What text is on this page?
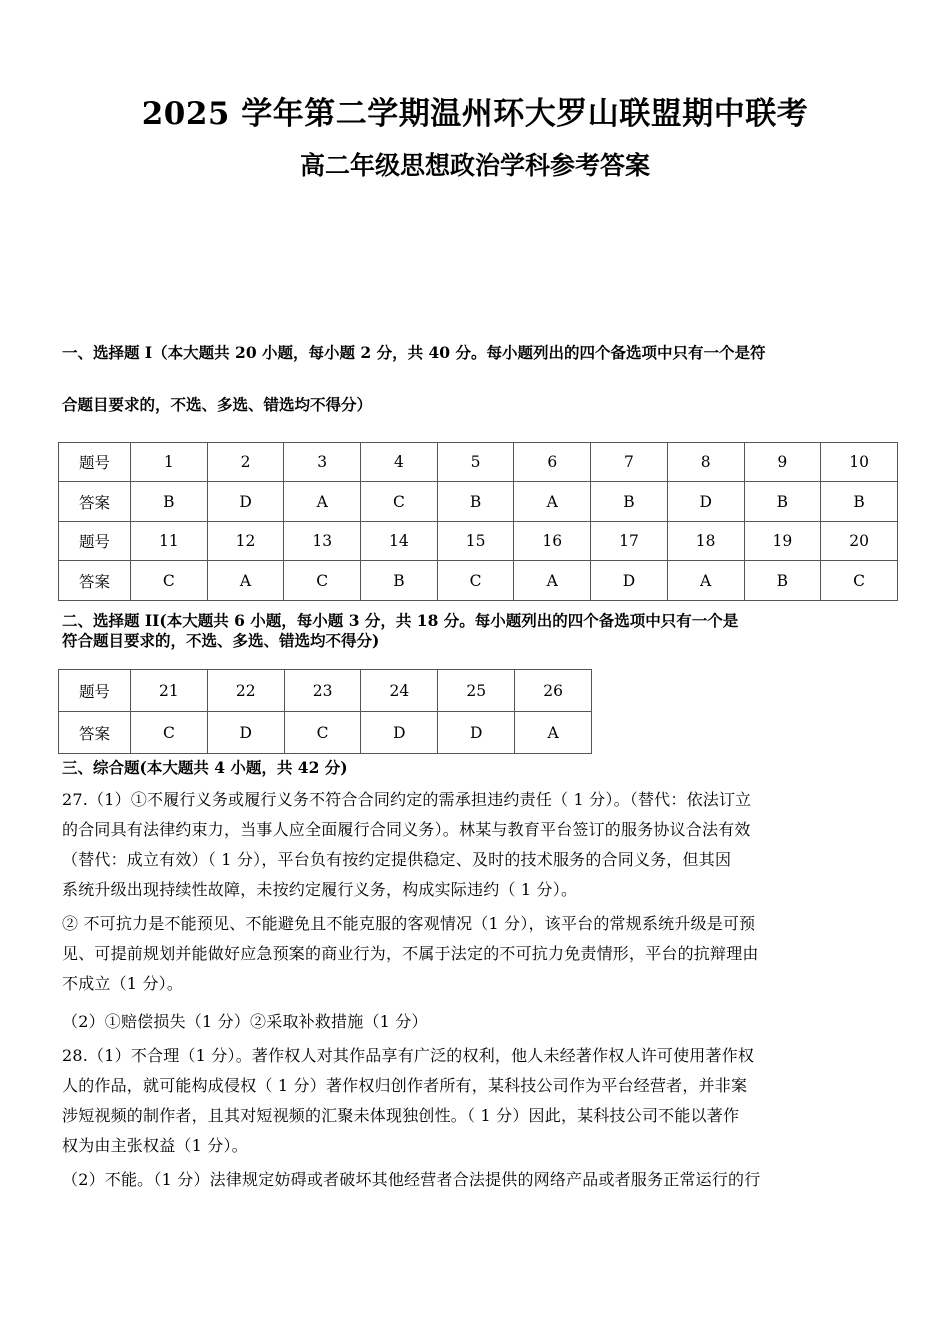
2025 学年第二学期温州环大罗山联盟期中联考
高二年级思想政治学科参考答案
一、选择题 I（本大题共 20 小题，每小题 2 分，共 40 分。每小题列出的四个备选项中只有一个是符
合题目要求的，不选、多选、错选均不得分）
题号	1	2	3	4	5	6	7	8	9	10
答案	B	D	A	C	B	A	B	D	B	B
题号	11	12	13	14	15	16	17	18	19	20
答案	C	A	C	B	C	A	D	A	B	C
二、选择题 II(本大题共 6 小题，每小题 3 分，共 18 分。每小题列出的四个备选项中只有一个是
符合题目要求的，不选、多选、错选均不得分)
题号	21	22	23	24	25	26
答案	C	D	C	D	D	A
三、综合题(本大题共 4 小题，共 42 分)
27.（1）①不履行义务或履行义务不符合合同约定的需承担违约责任（ 1 分）。（替代：依法订立
的合同具有法律约束力，当事人应全面履行合同义务）。林某与教育平台签订的服务协议合法有效
（替代：成立有效）（ 1 分），平台负有按约定提供稳定、及时的技术服务的合同义务，但其因
系统升级出现持续性故障，未按约定履行义务，构成实际违约（ 1 分）。
② 不可抗力是不能预见、不能避免且不能克服的客观情况（1 分），该平台的常规系统升级是可预
见、可提前规划并能做好应急预案的商业行为，不属于法定的不可抗力免责情形，平台的抗辩理由
不成立（1 分）。
（2）①赔偿损失（1 分）②采取补救措施（1 分）
28.（1）不合理（1 分）。著作权人对其作品享有广泛的权利，他人未经著作权人许可使用著作权
人的作品，就可能构成侵权（ 1 分）著作权归创作者所有，某科技公司作为平台经营者，并非案
涉短视频的制作者，且其对短视频的汇聚未体现独创性。（ 1 分）因此，某科技公司不能以著作
权为由主张权益（1 分）。
（2）不能。（1 分）法律规定妨碍或者破坏其他经营者合法提供的网络产品或者服务正常运行的行
